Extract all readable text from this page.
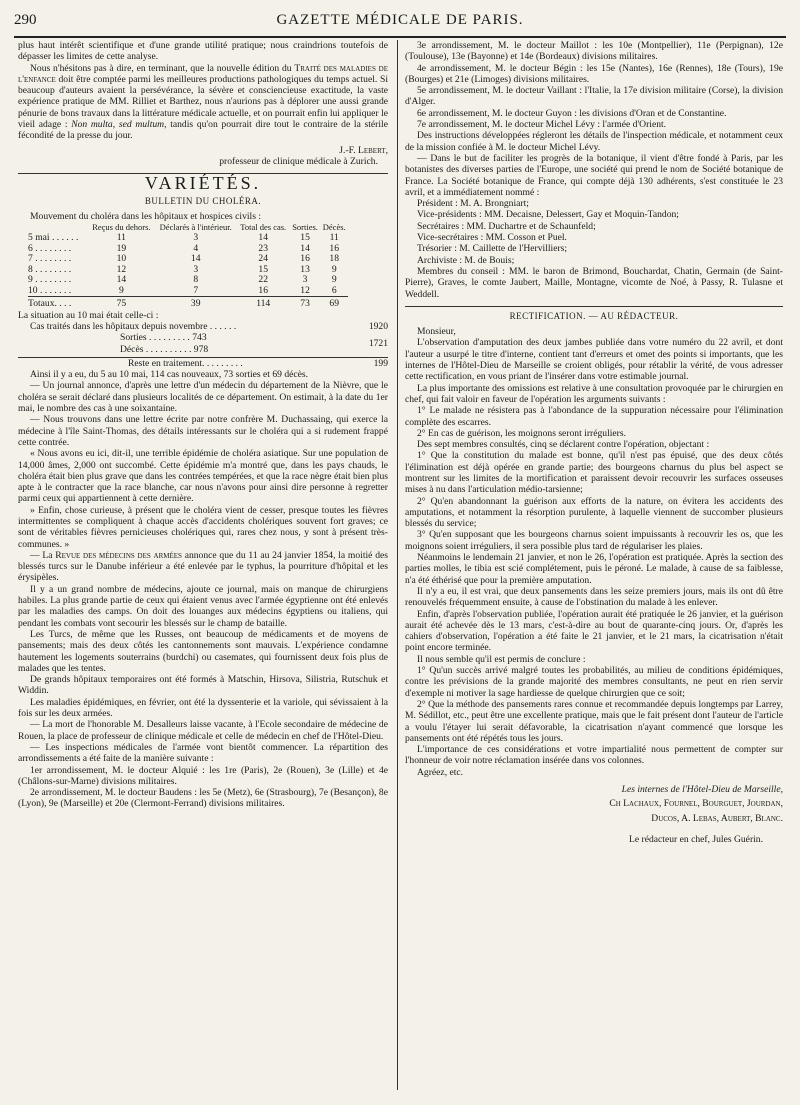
290	GAZETTE MÉDICALE DE PARIS.

plus haut intérêt scientifique et d'une grande utilité pratique; nous craindrions toutefois de dépasser les limites de cette analyse.

Nous n'hésitons pas à dire, en terminant, que la nouvelle édition du Traité des maladies de l'enfance doit être comptée parmi les meilleures productions pathologiques du temps actuel. Si beaucoup d'auteurs avaient la persévérance, la sévère et consciencieuse exactitude, la vaste expérience pratique de MM. Rilliet et Barthez, nous n'aurions pas à déplorer une aussi grande pénurie de bons travaux dans la littérature médicale actuelle, et on pourrait enfin lui appliquer le vieil adage : Non multa, sed multum, tandis qu'on pourrait dire tout le contraire de la stérile fécondité de la presse du jour.

J.-F. Lebert,
professeur de clinique médicale à Zurich.
VARIÉTÉS.
BULLETIN DU CHOLÉRA.

Mouvement du choléra dans les hôpitaux et hospices civils :

	Reçus du dehors.	Déclarés à l'intérieur.	Total des cas.	Sorties.	Décès.
5 mai . . . . . .	11	3	14	15	11
6 . . . . . . . .	19	4	23	14	16
7 . . . . . . . .	10	14	24	16	18
8 . . . . . . . .	12	3	15	13	9
9 . . . . . . . .	14	8	22	3	9
10 . . . . . . .	9	7	16	12	6
Totaux. . . .	75	39	114	73	69

La situation au 10 mai était celle-ci :

Cas traités dans les hôpitaux depuis novembre . . . . . .	1920
Sorties . . . . . . . . . 743
Décès . . . . . . . . . . 978
1721
Reste en traitement. . . . . . . . .	199

Ainsi il y a eu, du 5 au 10 mai, 114 cas nouveaux, 73 sorties et 69 décès.

— Un journal annonce, d'après une lettre d'un médecin du département de la Nièvre, que le choléra se serait déclaré dans plusieurs localités de ce département. On estimait, à la date du 1er mai, le nombre des cas à une soixantaine.

— Nous trouvons dans une lettre écrite par notre confrère M. Duchassaing, qui exerce la médecine à l'île Saint-Thomas, des détails intéressants sur le choléra qui a si rudement frappé cette contrée.

« Nous avons eu ici, dit-il, une terrible épidémie de choléra asiatique. Sur une population de 14,000 âmes, 2,000 ont succombé. Cette épidémie m'a montré que, dans les pays chauds, le choléra était bien plus grave que dans les contrées tempérées, et que la race nègre était bien plus apte à le contracter que la race blanche, car nous n'avons pour ainsi dire personne à regretter parmi ceux qui appartiennent à cette dernière.

» Enfin, chose curieuse, à présent que le choléra vient de cesser, presque toutes les fièvres intermittentes se compliquent à chaque accès d'accidents cholériques souvent fort graves; ce sont de véritables fièvres pernicieuses cholériques qui, rares chez nous, y sont à présent très-communes. »

— La Revue des médecins des armées annonce que du 11 au 24 janvier 1854, la moitié des blessés turcs sur le Danube inférieur a été enlevée par le typhus, la pourriture d'hôpital et les érysipèles.

Il y a un grand nombre de médecins, ajoute ce journal, mais on manque de chirurgiens habiles. La plus grande partie de ceux qui étaient venus avec l'armée égyptienne ont été enlevés par les maladies des camps. On doit des louanges aux médecins égyptiens ou italiens, qui pendant les combats vont secourir les blessés sur le champ de bataille.

Les Turcs, de même que les Russes, ont beaucoup de médicaments et de moyens de pansements; mais des deux côtés les cantonnements sont mauvais. L'expérience condamne hautement les logements souterrains (burdchi) ou casemates, qui fournissent deux fois plus de malades que les tentes.

De grands hôpitaux temporaires ont été formés à Matschin, Hirsova, Silistria, Rutschuk et Widdin.

Les maladies épidémiques, en février, ont été la dyssenterie et la variole, qui sévissaient à la fois sur les deux armées.

— La mort de l'honorable M. Desalleurs laisse vacante, à l'Ecole secondaire de médecine de Rouen, la place de professeur de clinique médicale et celle de médecin en chef de l'Hôtel-Dieu.

— Les inspections médicales de l'armée vont bientôt commencer. La répartition des arrondissements a été faite de la manière suivante :

1er arrondissement, M. le docteur Alquié : les 1re (Paris), 2e (Rouen), 3e (Lille) et 4e (Châlons-sur-Marne) divisions militaires.

2e arrondissement, M. le docteur Baudens : les 5e (Metz), 6e (Strasbourg), 7e (Besançon), 8e (Lyon), 9e (Marseille) et 20e (Clermont-Ferrand) divisions militaires.

3e arrondissement, M. le docteur Maillot : les 10e (Montpellier), 11e (Perpignan), 12e (Toulouse), 13e (Bayonne) et 14e (Bordeaux) divisions militaires.

4e arrondissement, M. le docteur Bégin : les 15e (Nantes), 16e (Rennes), 18e (Tours), 19e (Bourges) et 21e (Limoges) divisions militaires.

5e arrondissement, M. le docteur Vaillant : l'Italie, la 17e division militaire (Corse), la division d'Alger.

6e arrondissement, M. le docteur Guyon : les divisions d'Oran et de Constantine.

7e arrondissement, M. le docteur Michel Lévy : l'armée d'Orient.

Des instructions développées régleront les détails de l'inspection médicale, et notamment ceux de la mission confiée à M. le docteur Michel Lévy.

— Dans le but de faciliter les progrès de la botanique, il vient d'être fondé à Paris, par les botanistes des diverses parties de l'Europe, une société qui prend le nom de Société botanique de France. La Société botanique de France, qui compte déjà 130 adhérents, s'est constituée le 23 avril, et a immédiatement nommé :

Président : M. A. Brongniart;

Vice-présidents : MM. Decaisne, Delessert, Gay et Moquin-Tandon;

Secrétaires : MM. Duchartre et de Schaunfeld;

Vice-secrétaires : MM. Cosson et Puel.

Trésorier : M. Caillette de l'Hervilliers;

Archiviste : M. de Bouis;

Membres du conseil : MM. le baron de Brimond, Bouchardat, Chatin, Germain (de Saint-Pierre), Graves, le comte Jaubert, Maille, Montagne, vicomte de Noé, à Passy, R. Tulasne et Weddell.

RECTIFICATION. — AU RÉDACTEUR.

Monsieur,

L'observation d'amputation des deux jambes publiée dans votre numéro du 22 avril, et dont l'auteur a usurpé le titre d'interne, contient tant d'erreurs et omet des points si importants, que les internes de l'Hôtel-Dieu de Marseille se croient obligés, pour rétablir la vérité, de vous adresser cette rectification, en vous priant de l'insérer dans votre estimable journal.

La plus importante des omissions est relative à une consultation provoquée par le chirurgien en chef, qui fait valoir en faveur de l'opération les arguments suivants :

1° Le malade ne résistera pas à l'abondance de la suppuration nécessaire pour l'élimination complète des escarres.

2° En cas de guérison, les moignons seront irréguliers.

Des sept membres consultés, cinq se déclarent contre l'opération, objectant :

1° Que la constitution du malade est bonne, qu'il n'est pas épuisé, que des deux côtés l'élimination est déjà opérée en grande partie; des bourgeons charnus du plus bel aspect se montrent sur les limites de la mortification et paraissent devoir recouvrir les surfaces osseuses mises à nu dans l'articulation médio-tarsienne;

2° Qu'en abandonnant la guérison aux efforts de la nature, on évitera les accidents des amputations, et notamment la résorption purulente, à laquelle viennent de succomber plusieurs blessés du service;

3° Qu'en supposant que les bourgeons charnus soient impuissants à recouvrir les os, que les moignons soient irréguliers, il sera possible plus tard de régulariser les plaies.

Néanmoins le lendemain 21 janvier, et non le 26, l'opération est pratiquée. Après la section des parties molles, le tibia est scié complétement, puis le péroné. Le malade, à cause de sa faiblesse, n'a été éthérisé que pour la première amputation.

Il n'y a eu, il est vrai, que deux pansements dans les seize premiers jours, mais ils ont dû être renouvelés fréquemment ensuite, à cause de l'obstination du malade à les enlever.

Enfin, d'après l'observation publiée, l'opération aurait été pratiquée le 26 janvier, et la guérison aurait été achevée dès le 13 mars, c'est-à-dire au bout de quarante-cinq jours. Or, d'après les cahiers d'observation, l'opération a été faite le 21 janvier, et le 21 mars, la cicatrisation n'était point encore terminée.

Il nous semble qu'il est permis de conclure :

1° Qu'un succès arrivé malgré toutes les probabilités, au milieu de conditions épidémiques, contre les prévisions de la grande majorité des membres consultants, ne peut en rien servir d'exemple ni motiver la sage hardiesse de quelque chirurgien que ce soit;

2° Que la méthode des pansements rares connue et recommandée depuis longtemps par Larrey, M. Sédillot, etc., peut être une excellente pratique, mais que le fait présent dont l'auteur de l'article a voulu l'étayer lui serait défavorable, la cicatrisation n'ayant commencé que lorsque les pansements ont été répétés tous les jours.

L'importance de ces considérations et votre impartialité nous permettent de compter sur l'honneur de voir notre réclamation insérée dans vos colonnes.

Agréez, etc.

Les internes de l'Hôtel-Dieu de Marseille,
Ch Lachaux, Fournel, Bourguet, Jourdan,
Ducos, A. Lebas, Aubert, Blanc.
Le rédacteur en chef, Jules Guérin.
